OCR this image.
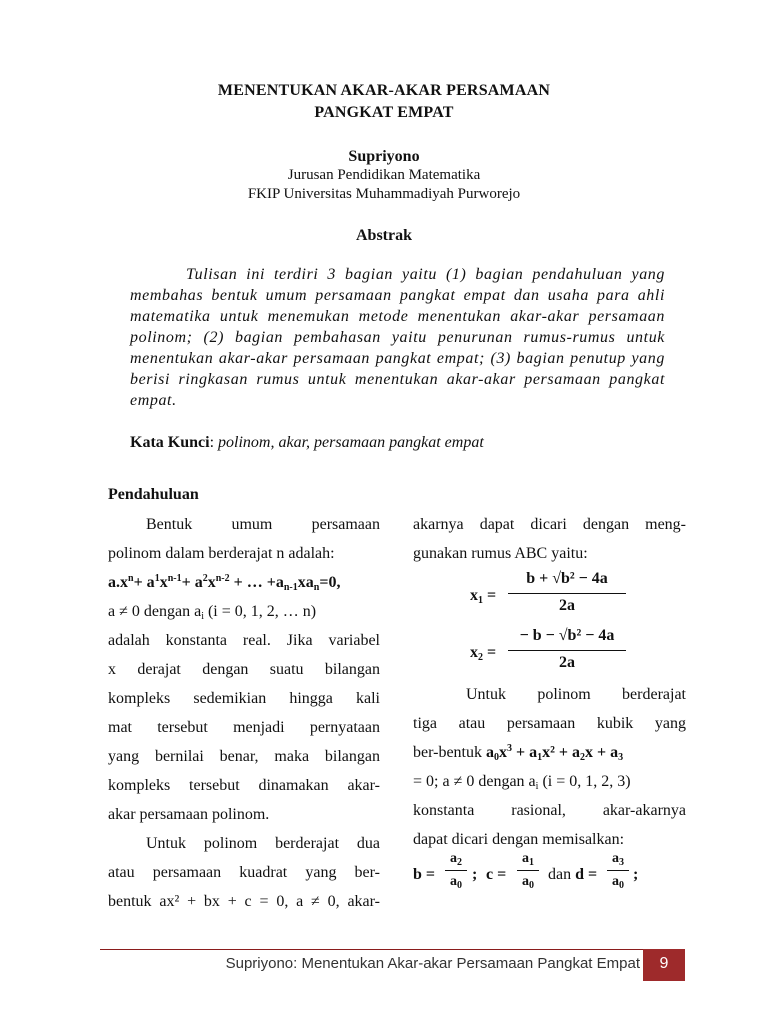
MENENTUKAN AKAR-AKAR PERSAMAAN
PANGKAT EMPAT
Supriyono
Jurusan Pendidikan Matematika
FKIP Universitas Muhammadiyah Purworejo
Abstrak
Tulisan ini terdiri 3 bagian yaitu (1) bagian pendahuluan yang membahas bentuk umum persamaan pangkat empat dan usaha para ahli matematika untuk menemukan metode menentukan akar-akar persamaan polinom; (2) bagian pembahasan yaitu penurunan rumus-rumus untuk menentukan akar-akar persamaan pangkat empat; (3) bagian penutup yang berisi ringkasan rumus untuk menentukan akar-akar persamaan pangkat empat.
Kata Kunci: polinom, akar, persamaan pangkat empat
Pendahuluan
Bentuk umum persamaan
polinom dalam berderajat n adalah:
$a.x^n+ a^1x^{n-1}+ a^2x^{n-2}$ + … $+a_{n-1}xa_n=0$,
a ≠ 0 dengan $a_i$ (i = 0, 1, 2, … n)
adalah konstanta real. Jika variabel
x derajat dengan suatu bilangan
kompleks sedemikian hingga kali
mat tersebut menjadi pernyataan
yang bernilai benar, maka bilangan
kompleks tersebut dinamakan akar-
akar persamaan polinom.
Untuk polinom berderajat dua
atau persamaan kuadrat yang ber-
bentuk ax² + bx + c = 0, a ≠ 0, akar-
akarnya dapat dicari dengan meng-
gunakan rumus ABC yaitu:
$x_1$ =
b + √b² − 4a
2a
$x_2$ =
− b − √b² − 4a
2a
Untuk polinom berderajat
tiga atau persamaan kubik yang
ber-bentuk $a_0x^3 + a_1x^2 + a_2x + a_3$
= 0; a ≠ 0 dengan $a_i$ (i = 0, 1, 2, 3)
konstanta rasional, akar-akarnya
dapat dicari dengan memisalkan:
b =
$a_2$
$a_0$
; c =
$a_1$
$a_0$
dan d =
$a_3$
$a_0$
;
Supriyono: Menentukan Akar-akar Persamaan Pangkat Empat	9
